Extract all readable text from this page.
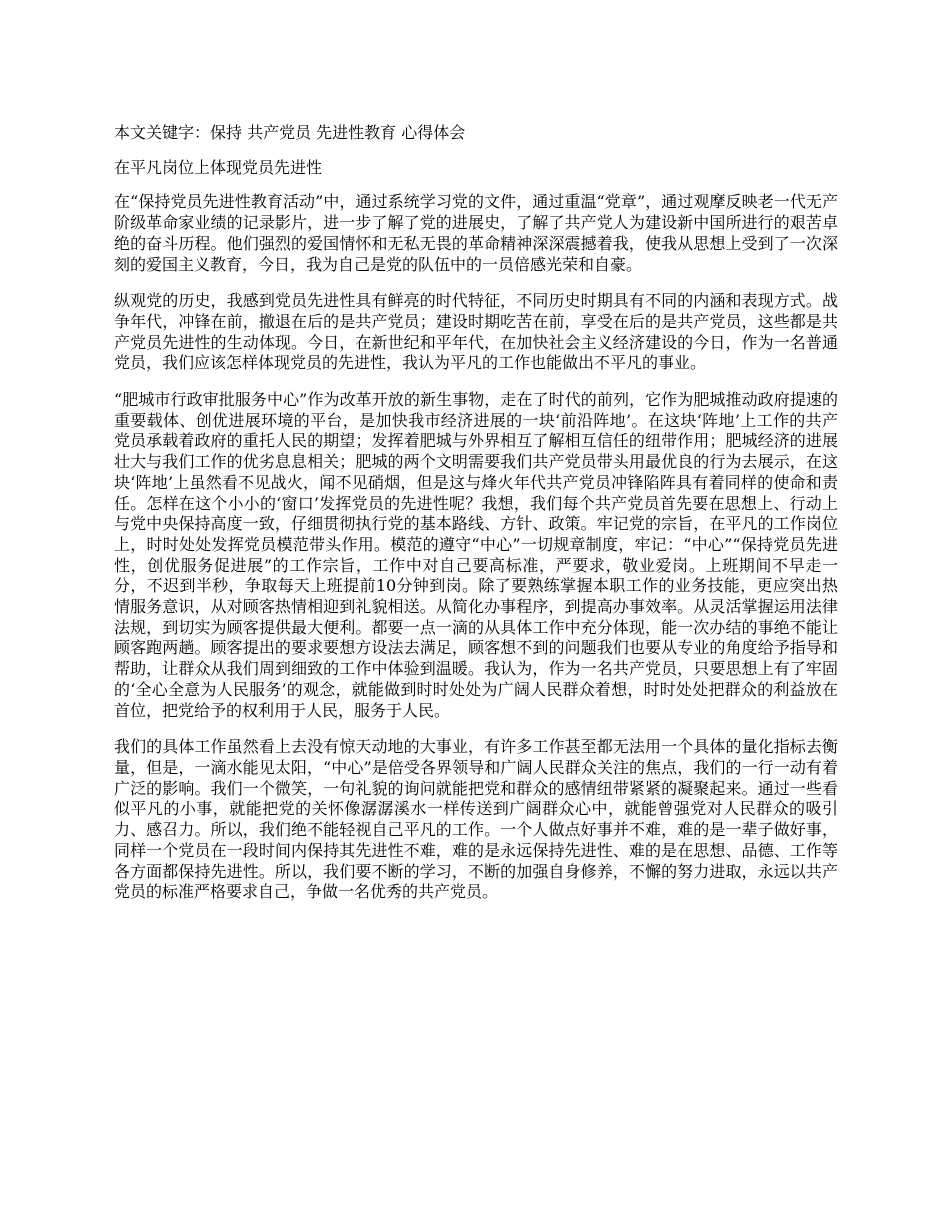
本文关键字：保持 共产党员 先进性教育 心得体会

在平凡岗位上体现党员先进性

在“保持党员先进性教育活动”中，通过系统学习党的文件，通过重温“党章”，通过观摩反映老一代无产阶级革命家业绩的记录影片，进一步了解了党的进展史，了解了共产党人为建设新中国所进行的艰苦卓绝的奋斗历程。他们强烈的爱国情怀和无私无畏的革命精神深深震撼着我，使我从思想上受到了一次深刻的爱国主义教育，今日，我为自己是党的队伍中的一员倍感光荣和自豪。

纵观党的历史，我感到党员先进性具有鲜亮的时代特征，不同历史时期具有不同的内涵和表现方式。战争年代，冲锋在前，撤退在后的是共产党员；建设时期吃苦在前，享受在后的是共产党员，这些都是共产党员先进性的生动体现。今日，在新世纪和平年代，在加快社会主义经济建设的今日，作为一名普通党员，我们应该怎样体现党员的先进性，我认为平凡的工作也能做出不平凡的事业。

“肥城市行政审批服务中心”作为改革开放的新生事物，走在了时代的前列，它作为肥城推动政府提速的重要载体、创优进展环境的平台，是加快我市经济进展的一块‘前沿阵地’。在这块‘阵地’上工作的共产党员承载着政府的重托人民的期望；发挥着肥城与外界相互了解相互信任的纽带作用；肥城经济的进展壮大与我们工作的优劣息息相关；肥城的两个文明需要我们共产党员带头用最优良的行为去展示，在这块‘阵地’上虽然看不见战火，闻不见硝烟，但是这与烽火年代共产党员冲锋陷阵具有着同样的使命和责任。怎样在这个小小的‘窗口’发挥党员的先进性呢？我想，我们每个共产党员首先要在思想上、行动上与党中央保持高度一致，仔细贯彻执行党的基本路线、方针、政策。牢记党的宗旨，在平凡的工作岗位上，时时处处发挥党员模范带头作用。模范的遵守“中心”一切规章制度，牢记：“中心”“保持党员先进性，创优服务促进展”的工作宗旨，工作中对自己要高标准，严要求，敬业爱岗。上班期间不早走一分，不迟到半秒，争取每天上班提前10分钟到岗。除了要熟练掌握本职工作的业务技能，更应突出热情服务意识，从对顾客热情相迎到礼貌相送。从简化办事程序，到提高办事效率。从灵活掌握运用法律法规，到切实为顾客提供最大便利。都要一点一滴的从具体工作中充分体现，能一次办结的事绝不能让顾客跑两趟。顾客提出的要求要想方设法去满足，顾客想不到的问题我们也要从专业的角度给予指导和帮助，让群众从我们周到细致的工作中体验到温暖。我认为，作为一名共产党员，只要思想上有了牢固的‘全心全意为人民服务’的观念，就能做到时时处处为广阔人民群众着想，时时处处把群众的利益放在首位，把党给予的权利用于人民，服务于人民。

我们的具体工作虽然看上去没有惊天动地的大事业，有许多工作甚至都无法用一个具体的量化指标去衡量，但是，一滴水能见太阳，“中心”是倍受各界领导和广阔人民群众关注的焦点，我们的一行一动有着广泛的影响。我们一个微笑，一句礼貌的询问就能把党和群众的感情纽带紧紧的凝聚起来。通过一些看似平凡的小事，就能把党的关怀像潺潺溪水一样传送到广阔群众心中，就能曾强党对人民群众的吸引力、感召力。所以，我们绝不能轻视自己平凡的工作。一个人做点好事并不难，难的是一辈子做好事，同样一个党员在一段时间内保持其先进性不难，难的是永远保持先进性、难的是在思想、品德、工作等各方面都保持先进性。所以，我们要不断的学习，不断的加强自身修养，不懈的努力进取，永远以共产党员的标准严格要求自己，争做一名优秀的共产党员。
